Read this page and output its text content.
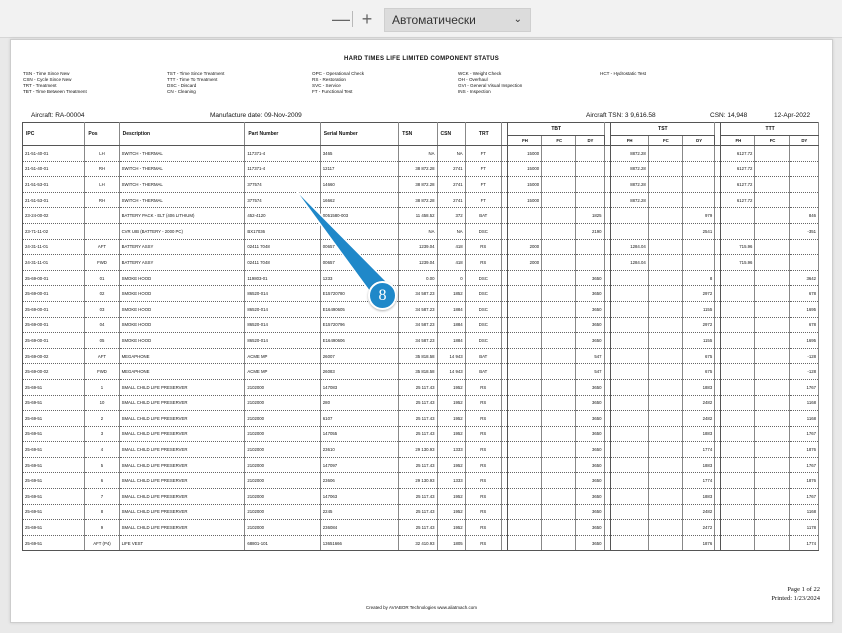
— +	Автоматически	⌄
HARD TIMES LIFE LIMITED COMPONENT STATUS
TSN - Time Since New
CSN - Cycle Since New
TRT - Treatment
TBT - Time Between Treatment
TST - Time Since Treatment
TTT - Time To Treatment
DSC - Discard
CN - Cleaning
OPC - Operational Check
RS - Restoration
SVC - Service
FT - Functional Test
WCK - Weight Check
OH - Overhaul
GVI - General Visual Inspection
INS - Inspection
HCT - Hydrostatic Test
Aircraft: RA-00004	Manufacture date: 09-Nov-2009	Aircraft TSN: 3 9,616.58	CSN: 14,948	12-Apr-2022
IPC	Pos	Description	Part Number	Serial Number	TSN	CSN	TRT		TBT				TST				TTT		
									FH	FC	DY		FH	FC	DY		FH	FC	DY
21-51-40-01	LH	SWITCH - THERMAL	117371-4	3465	NA	NA	FT		15000				8872.28				6127.72		
21-51-40-01	RH	SWITCH - THERMAL	117371-4	12117	38 872.28	2741	FT		15000				8872.28				6127.72		
21-51-53-01	LH	SWITCH - THERMAL	377574	14660	38 872.28	2741	FT		15000				8872.28				6127.72		
21-51-53-01	RH	SWITCH - THERMAL	377574	16662	38 872.28	2741	FT		15000				8872.28				6127.72		
23-24-00-02		BATTERY PACK - ELT (406 LITHIUM)	452-4120	0051580-003	11 458.52	372	BAT				1825				979				846
23-71-11-02		CVR UIB (BATTERY - 2000 PC)	BX17036		NA	NA	DSC				2190				2541				-351
24-31-11-01	AFT	BATTERY ASSY	02411 7048	00657	1239.04	418	RS		2000				1284.04				715.96		
24-31-11-01	FWD	BATTERY ASSY	02411 7048	00657	1239.04	418	RS		2000				1284.04				715.96		
25-69-00-01	01	SMOKE HOOD	119803-01	1233	0.00	0	DSC				3650				8				3642
25-69-00-01	02	SMOKE HOOD	86520-014	E15720780	34 587.23	1852	DSC				3650				2972				678
25-69-00-01	03	SMOKE HOOD	86520-014	E16490605	34 587.23	1884	DSC				3650				1155				1695
25-69-00-01	04	SMOKE HOOD	86520-014	E15720796	34 587.23	1884	DSC				3650				2972				678
25-69-00-01	05	SMOKE HOOD	86520-014	E16490606	34 587.23	1884	DSC				3650				1155				1695
25-69-00-02	AFT	MEGAPHONE	ACME MP	26007	35 818.58	14 943	BAT				547				675				-128
25-69-00-02	FWD	MEGAPHONE	ACME MP	26083	35 818.58	14 943	BAT				547				675				-128
25-69-51	1	SMALL CHILD LIFE PRESERVER	2102000	147083	25 117.43	1952	RS				3650				1883				1767
25-69-51	10	SMALL CHILD LIFE PRESERVER	2102000	280	25 117.43	1952	RS				3650				2482				1168
25-69-51	2	SMALL CHILD LIFE PRESERVER	2102000	6107	25 117.43	1952	RS				3650				2482				1168
25-69-51	3	SMALL CHILD LIFE PRESERVER	2102000	147055	25 117.43	1952	RS				3650				1883				1767
25-69-51	4	SMALL CHILD LIFE PRESERVER	2102000	23610	29 130.93	1333	RS				3650				1774				1876
25-69-51	5	SMALL CHILD LIFE PRESERVER	2102000	147097	25 117.43	1952	RS				3650				1883				1767
25-69-51	6	SMALL CHILD LIFE PRESERVER	2102000	23606	29 130.93	1333	RS				3650				1774				1876
25-69-51	7	SMALL CHILD LIFE PRESERVER	2102000	147063	25 117.43	1952	RS				3650				1883				1767
25-69-51	8	SMALL CHILD LIFE PRESERVER	2102000	2245	25 117.43	1952	RS				3650				2482				1168
25-69-51	9	SMALL CHILD LIFE PRESERVER	2102000	236084	25 117.43	1952	RS				3650				2472				1178
25-69-51	AFT (P4)	LIFE VEST	68801-101	13651666	32 410.93	1805	RS				3650				1876				1774
Page 1 of 22
Printed: 1/23/2024
Created by AVIABOR Technologies www.aliatmach.com
8
